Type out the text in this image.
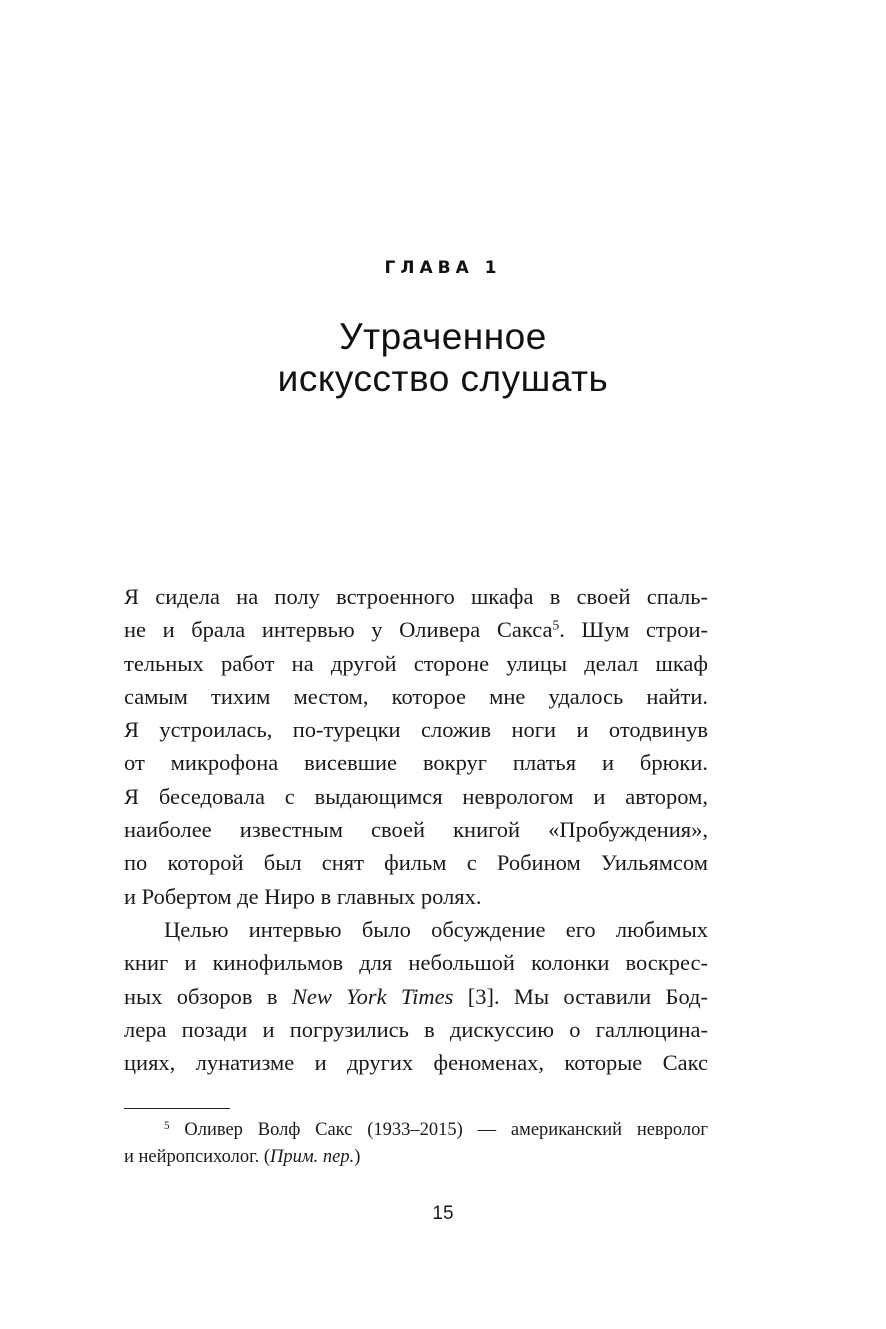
ГЛАВА 1
Утраченное
искусство слушать
Я сидела на полу встроенного шкафа в своей спаль-
не и брала интервью у Оливера Сакса$^5$. Шум строи-
тельных работ на другой стороне улицы делал шкаф
самым тихим местом, которое мне удалось найти.
Я устроилась, по-турецки сложив ноги и отодвинув
от микрофона висевшие вокруг платья и брюки.
Я беседовала с выдающимся неврологом и автором,
наиболее известным своей книгой «Пробуждения»,
по которой был снят фильм с Робином Уильямсом
и Робертом де Ниро в главных ролях.
Целью интервью было обсуждение его любимых
книг и кинофильмов для небольшой колонки воскрес-
ных обзоров в New York Times [3]. Мы оставили Бод-
лера позади и погрузились в дискуссию о галлюцина-
циях, лунатизме и других феноменах, которые Сакс
$^5$ Оливер Волф Сакс (1933–2015) — американский невролог
и нейропсихолог. (Прим. пер.)
15
